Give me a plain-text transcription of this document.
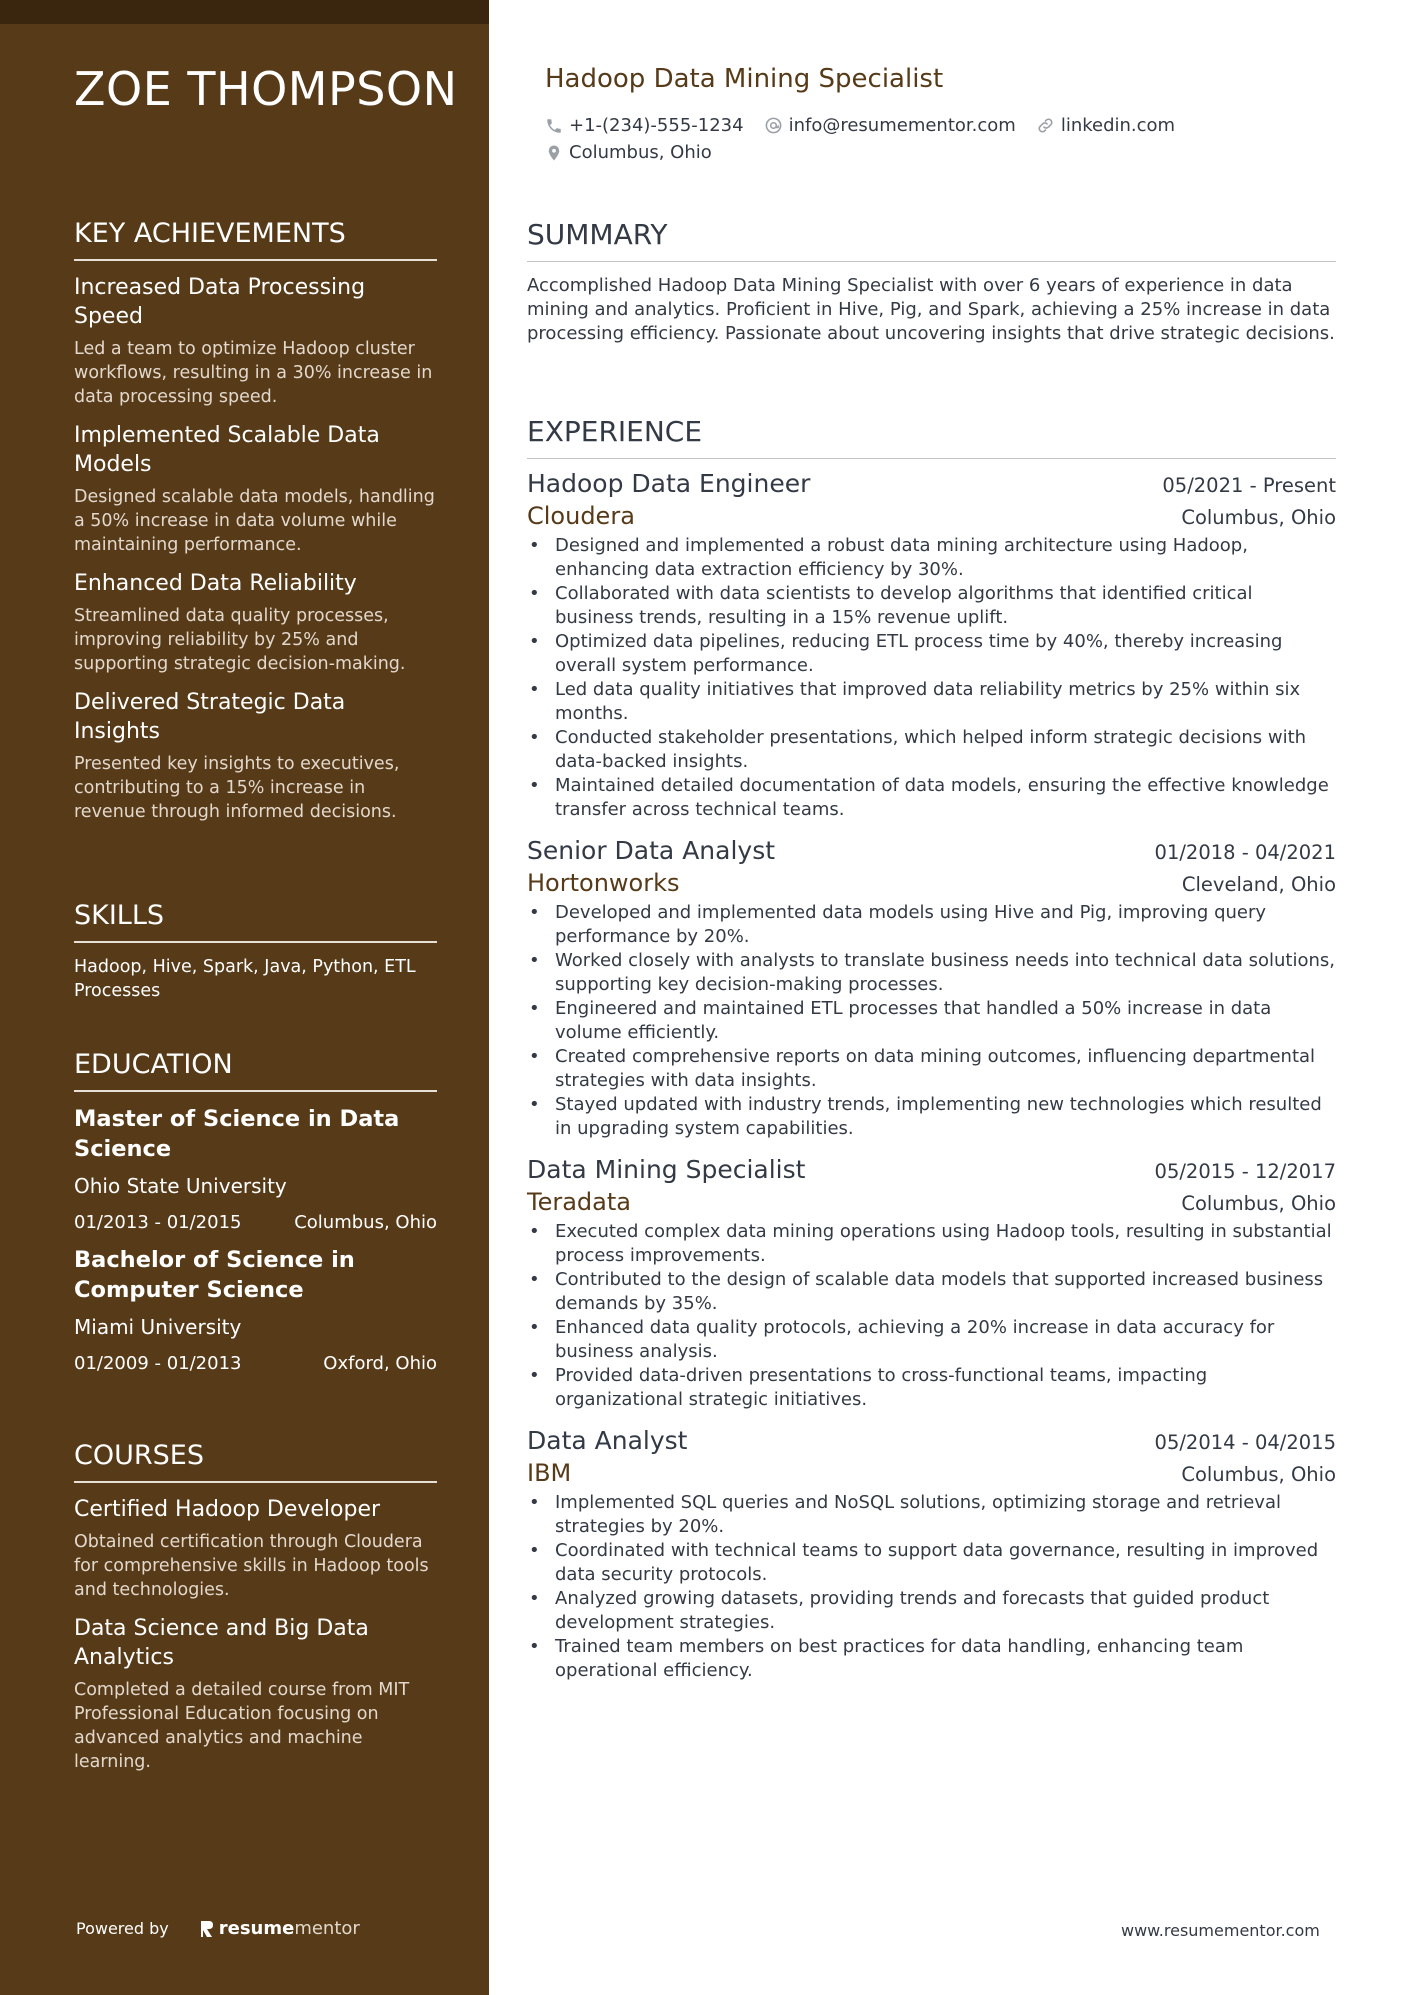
ZOE THOMPSON
KEY ACHIEVEMENTS
Increased Data Processing Speed
Led a team to optimize Hadoop cluster workflows, resulting in a 30% increase in data processing speed.
Implemented Scalable Data Models
Designed scalable data models, handling a 50% increase in data volume while maintaining performance.
Enhanced Data Reliability
Streamlined data quality processes, improving reliability by 25% and supporting strategic decision-making.
Delivered Strategic Data Insights
Presented key insights to executives, contributing to a 15% increase in revenue through informed decisions.
SKILLS
Hadoop, Hive, Spark, Java, Python, ETL Processes
EDUCATION
Master of Science in Data Science
Ohio State University
01/2013 - 01/2015	Columbus, Ohio
Bachelor of Science in Computer Science
Miami University
01/2009 - 01/2013	Oxford, Ohio
COURSES
Certified Hadoop Developer
Obtained certification through Cloudera for comprehensive skills in Hadoop tools and technologies.
Data Science and Big Data Analytics
Completed a detailed course from MIT Professional Education focusing on advanced analytics and machine learning.
Powered by	resume mentor
Hadoop Data Mining Specialist
+1-(234)-555-1234	info@resumementor.com	linkedin.com
Columbus, Ohio
SUMMARY
Accomplished Hadoop Data Mining Specialist with over 6 years of experience in data mining and analytics. Proficient in Hive, Pig, and Spark, achieving a 25% increase in data processing efficiency. Passionate about uncovering insights that drive strategic decisions.
EXPERIENCE
Hadoop Data Engineer	05/2021 - Present
Cloudera	Columbus, Ohio
• Designed and implemented a robust data mining architecture using Hadoop, enhancing data extraction efficiency by 30%.
• Collaborated with data scientists to develop algorithms that identified critical business trends, resulting in a 15% revenue uplift.
• Optimized data pipelines, reducing ETL process time by 40%, thereby increasing overall system performance.
• Led data quality initiatives that improved data reliability metrics by 25% within six months.
• Conducted stakeholder presentations, which helped inform strategic decisions with data-backed insights.
• Maintained detailed documentation of data models, ensuring the effective knowledge transfer across technical teams.
Senior Data Analyst	01/2018 - 04/2021
Hortonworks	Cleveland, Ohio
• Developed and implemented data models using Hive and Pig, improving query performance by 20%.
• Worked closely with analysts to translate business needs into technical data solutions, supporting key decision-making processes.
• Engineered and maintained ETL processes that handled a 50% increase in data volume efficiently.
• Created comprehensive reports on data mining outcomes, influencing departmental strategies with data insights.
• Stayed updated with industry trends, implementing new technologies which resulted in upgrading system capabilities.
Data Mining Specialist	05/2015 - 12/2017
Teradata	Columbus, Ohio
• Executed complex data mining operations using Hadoop tools, resulting in substantial process improvements.
• Contributed to the design of scalable data models that supported increased business demands by 35%.
• Enhanced data quality protocols, achieving a 20% increase in data accuracy for business analysis.
• Provided data-driven presentations to cross-functional teams, impacting organizational strategic initiatives.
Data Analyst	05/2014 - 04/2015
IBM	Columbus, Ohio
• Implemented SQL queries and NoSQL solutions, optimizing storage and retrieval strategies by 20%.
• Coordinated with technical teams to support data governance, resulting in improved data security protocols.
• Analyzed growing datasets, providing trends and forecasts that guided product development strategies.
• Trained team members on best practices for data handling, enhancing team operational efficiency.
www.resumementor.com
